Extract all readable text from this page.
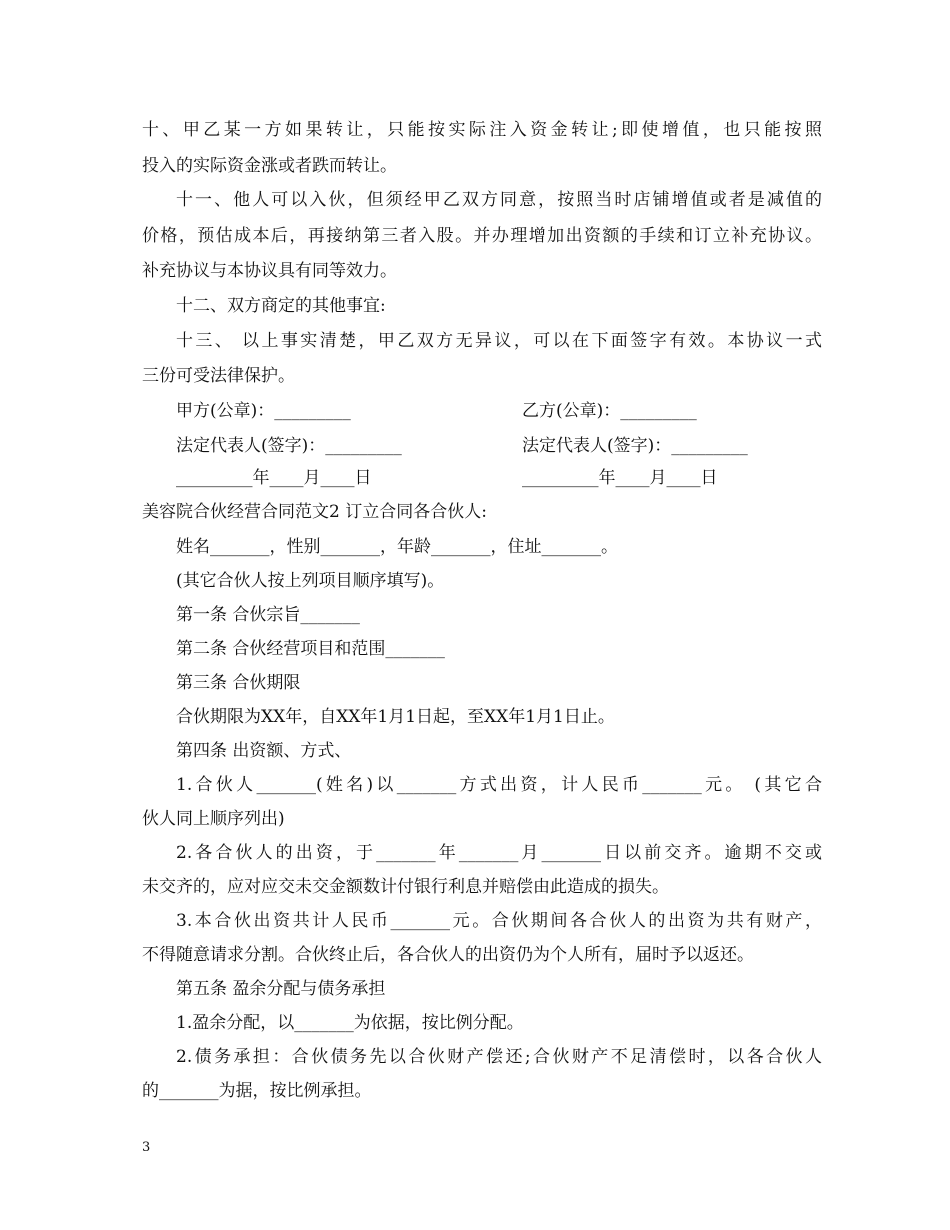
十、甲乙某一方如果转让，只能按实际注入资金转让;即使增值，也只能按照
投入的实际资金涨或者跌而转让。
十一、他人可以入伙，但须经甲乙双方同意，按照当时店铺增值或者是减值的
价格，预估成本后，再接纳第三者入股。并办理增加出资额的手续和订立补充协议。
补充协议与本协议具有同等效力。
十二、双方商定的其他事宜:
十三、 以上事实清楚，甲乙双方无异议，可以在下面签字有效。本协议一式
三份可受法律保护。
甲方(公章)：_________	乙方(公章)：_________
法定代表人(签字)：_________	法定代表人(签字)：_________
_________年____月____日	_________年____月____日
美容院合伙经营合同范文2 订立合同各合伙人:
姓名_______，性别_______，年龄_______，住址_______。
(其它合伙人按上列项目顺序填写)。
第一条 合伙宗旨_______
第二条 合伙经营项目和范围_______
第三条 合伙期限
合伙期限为XX年，自XX年1月1日起，至XX年1月1日止。
第四条 出资额、方式、
1.合伙人_______(姓名)以_______方式出资，计人民币_______元。 (其它合
伙人同上顺序列出)
2.各合伙人的出资，于_______年_______月_______日以前交齐。逾期不交或
未交齐的，应对应交未交金额数计付银行利息并赔偿由此造成的损失。
3.本合伙出资共计人民币_______元。合伙期间各合伙人的出资为共有财产，
不得随意请求分割。合伙终止后，各合伙人的出资仍为个人所有，届时予以返还。
第五条 盈余分配与债务承担
1.盈余分配，以_______为依据，按比例分配。
2.债务承担：合伙债务先以合伙财产偿还;合伙财产不足清偿时，以各合伙人
的_______为据，按比例承担。
3
